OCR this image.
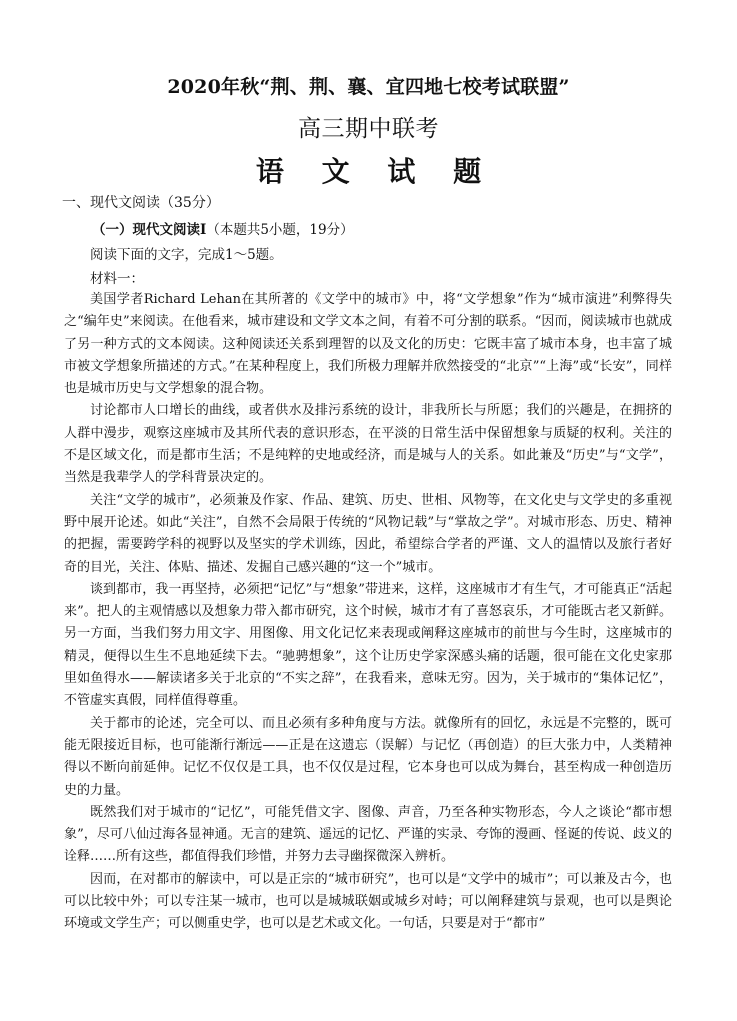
2020年秋“荆、荆、襄、宜四地七校考试联盟”
高三期中联考
语 文 试 题
一、现代文阅读（35分）
（一）现代文阅读Ⅰ（本题共5小题，19分）
阅读下面的文字，完成1～5题。
材料一：

美国学者Richard Lehan在其所著的《文学中的城市》中，将“文学想象”作为“城市演进”利弊得失之“编年史”来阅读。在他看来，城市建设和文学文本之间，有着不可分割的联系。“因而，阅读城市也就成了另一种方式的文本阅读。这种阅读还关系到理智的以及文化的历史：它既丰富了城市本身，也丰富了城市被文学想象所描述的方式。”在某种程度上，我们所极力理解并欣然接受的“北京”“上海”或“长安”，同样也是城市历史与文学想象的混合物。

讨论都市人口增长的曲线，或者供水及排污系统的设计，非我所长与所愿；我们的兴趣是，在拥挤的人群中漫步，观察这座城市及其所代表的意识形态，在平淡的日常生活中保留想象与质疑的权利。关注的不是区域文化，而是都市生活；不是纯粹的史地或经济，而是城与人的关系。如此兼及“历史”与“文学”，当然是我辈学人的学科背景决定的。

关注“文学的城市”，必须兼及作家、作品、建筑、历史、世相、风物等，在文化史与文学史的多重视野中展开论述。如此“关注”，自然不会局限于传统的“风物记载”与“掌故之学”。对城市形态、历史、精神的把握，需要跨学科的视野以及坚实的学术训练，因此，希望综合学者的严谨、文人的温情以及旅行者好奇的目光，关注、体贴、描述、发掘自己感兴趣的“这一个”城市。

谈到都市，我一再坚持，必须把“记忆”与“想象”带进来，这样，这座城市才有生气，才可能真正“活起来”。把人的主观情感以及想象力带入都市研究，这个时候，城市才有了喜怒哀乐，才可能既古老又新鲜。另一方面，当我们努力用文字、用图像、用文化记忆来表现或阐释这座城市的前世与今生时，这座城市的精灵，便得以生生不息地延续下去。“驰骋想象”，这个让历史学家深感头痛的话题，很可能在文化史家那里如鱼得水——解读诸多关于北京的“不实之辞”，在我看来，意味无穷。因为，关于城市的“集体记忆”，不管虚实真假，同样值得尊重。

关于都市的论述，完全可以、而且必须有多种角度与方法。就像所有的回忆，永远是不完整的，既可能无限接近目标，也可能渐行渐远——正是在这遗忘（误解）与记忆（再创造）的巨大张力中，人类精神得以不断向前延伸。记忆不仅仅是工具，也不仅仅是过程，它本身也可以成为舞台，甚至构成一种创造历史的力量。

既然我们对于城市的“记忆”，可能凭借文字、图像、声音，乃至各种实物形态，今人之谈论“都市想象”，尽可八仙过海各显神通。无言的建筑、遥远的记忆、严谨的实录、夸饰的漫画、怪诞的传说、歧义的诠释……所有这些，都值得我们珍惜，并努力去寻幽探微深入辨析。

因而，在对都市的解读中，可以是正宗的“城市研究”，也可以是“文学中的城市”；可以兼及古今，也可以比较中外；可以专注某一城市，也可以是城城联姻或城乡对峙；可以阐释建筑与景观，也可以是舆论环境或文学生产；可以侧重史学，也可以是艺术或文化。一句话，只要是对于“都市”
